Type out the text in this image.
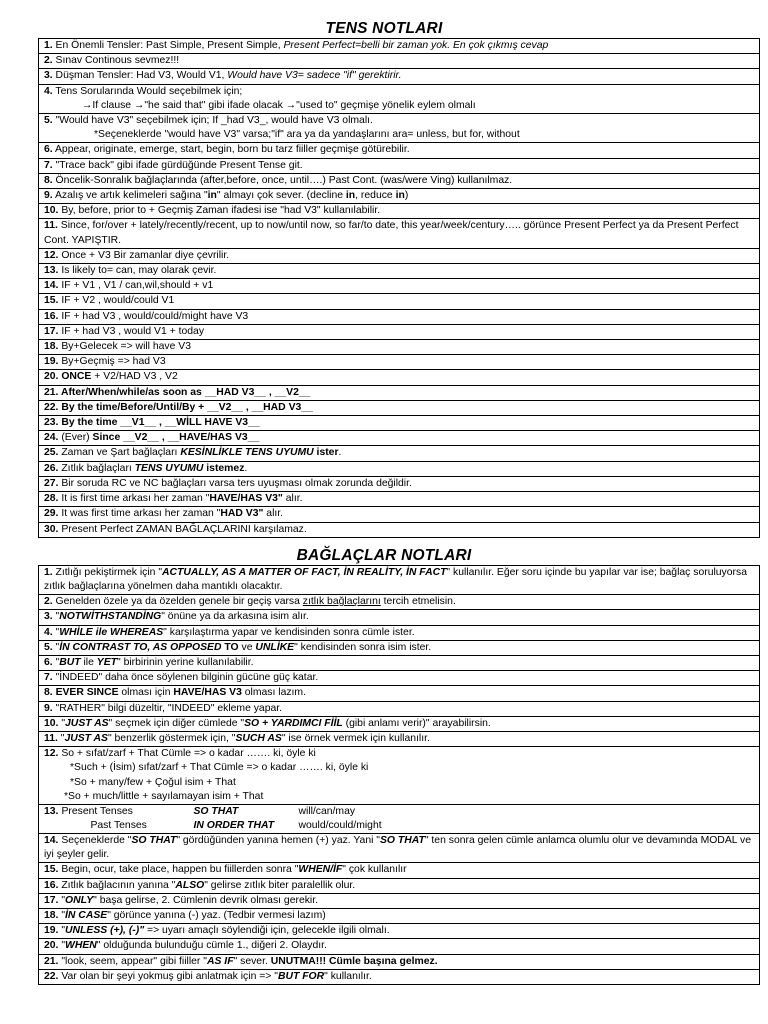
TENS NOTLARI
1. En Önemli Tensler: Past Simple, Present Simple, Present Perfect=belli bir zaman yok. En çok çıkmış cevap
2. Sınav Continous sevmez!!!
3. Düşman Tensler: Had V3, Would V1, Would have V3= sadece "if" gerektirir.
4. Tens Sorularında Would seçebilmek için;
→If clause →"he said that" gibi ifade olacak →"used to" geçmişe yönelik eylem olmalı

5. "Would have V3" seçebilmek için; If _had V3_, would have V3 olmalı.
*Seçeneklerde "would have V3" varsa;"if" ara ya da yandaşlarını ara= unless, but for, without

6. Appear, originate, emerge, start, begin, born bu tarz fiiller geçmişe götürebilir.
7. "Trace back" gibi ifade gürdüğünde Present Tense git.
8. Öncelik-Sonralık bağlaçlarında (after,before, once, until….) Past Cont. (was/were Ving) kullanılmaz.
9. Azalış ve artık kelimeleri sağına "in" almayı çok sever. (decline in, reduce in)
10. By, before, prior to + Geçmiş Zaman ifadesi ise "had V3" kullanılabilir.
11. Since, for/over + lately/recently/recent, up to now/until now, so far/to date, this year/week/century….. görünce Present Perfect ya da Present Perfect Cont. YAPIŞTIR.
12. Once + V3 Bir zamanlar diye çevrilir.
13. Is likely to= can, may olarak çevir.
14. IF + V1 , V1 / can,wil,should + v1
15. IF + V2 , would/could V1
16. IF + had V3 , would/could/might have V3
17. IF + had V3 , would V1 + today
18. By+Gelecek => will have V3
19. By+Geçmiş => had V3
20. ONCE + V2/HAD V3 , V2
21. After/When/while/as soon as __HAD V3__ , __V2__
22. By the time/Before/Until/By + __V2__ , __HAD V3__
23. By the time __V1__ , __WİLL HAVE V3__
24. (Ever) Since __V2__ , __HAVE/HAS V3__
25. Zaman ve Şart bağlaçları KESİNLİKLE TENS UYUMU ister.
26. Zıtlık bağlaçları TENS UYUMU istemez.
27. Bir soruda RC ve NC bağlaçları varsa ters uyuşması olmak zorunda değildir.
28. It is first time arkası her zaman "HAVE/HAS V3" alır.
29. It was first time arkası her zaman "HAD V3" alır.
30. Present Perfect ZAMAN BAĞLAÇLARINI karşılamaz.
BAĞLAÇLAR NOTLARI
1. Zıtlığı pekiştirmek için "ACTUALLY, AS A MATTER OF FACT, İN REALİTY, İN FACT" kullanılır. Eğer soru içinde bu yapılar var ise; bağlaç soruluyorsa zıtlık bağlaçlarına yönelmen daha mantıklı olacaktır.
2. Genelden özele ya da özelden genele bir geçiş varsa zıtlık bağlaçlarını tercih etmelisin.
3. "NOTWİTHSTANDİNG" önüne ya da arkasına isim alır.
4. "WHİLE ile WHEREAS" karşılaştırma yapar ve kendisinden sonra cümle ister.
5. "İN CONTRAST TO, AS OPPOSED TO ve UNLİKE" kendisinden sonra isim ister.
6. "BUT ile YET" birbirinin yerine kullanılabilir.
7. "İNDEED" daha önce söylenen bilginin gücüne güç katar.
8. EVER SINCE olması için HAVE/HAS V3 olması lazım.
9. "RATHER" bilgi düzeltir, "INDEED" ekleme yapar.
10. "JUST AS" seçmek için diğer cümlede "SO + YARDIMCI FİİL (gibi anlamı verir)" arayabilirsin.
11. "JUST AS" benzerlik göstermek için, "SUCH AS" ise örnek vermek için kullanılır.
12. So + sıfat/zarf + That Cümle => o kadar ……. ki, öyle ki
*Such + (İsim) sıfat/zarf + That Cümle => o kadar ……. ki, öyle ki
*So + many/few + Çoğul isim + That
*So + much/little + sayılamayan isim + That

13. Present Tenses	SO THAT	will/can/may
Past Tenses	IN ORDER THAT would/could/might

14. Seçeneklerde "SO THAT" gördüğünden yanına hemen (+) yaz. Yani "SO THAT" ten sonra gelen cümle anlamca olumlu olur ve devamında MODAL ve iyi şeyler gelir.
15. Begin, ocur, take place, happen bu fiillerden sonra "WHEN/İF" çok kullanılır
16. Zıtlık bağlacının yanına "ALSO" gelirse zıtlık biter paralellik olur.
17. "ONLY" başa gelirse, 2. Cümlenin devrik olması gerekir.
18. "İN CASE" görünce yanına (-) yaz. (Tedbir vermesi lazım)
19. "UNLESS (+), (-)" => uyarı amaçlı söylendiği için, gelecekle ilgili olmalı.
20. "WHEN" olduğunda bulunduğu cümle 1., diğeri 2. Olaydır.
21. "look, seem, appear" gibi fiiller "AS IF" sever. UNUTMA!!! Cümle başına gelmez.
22. Var olan bir şeyi yokmuş gibi anlatmak için => "BUT FOR" kullanılır.
